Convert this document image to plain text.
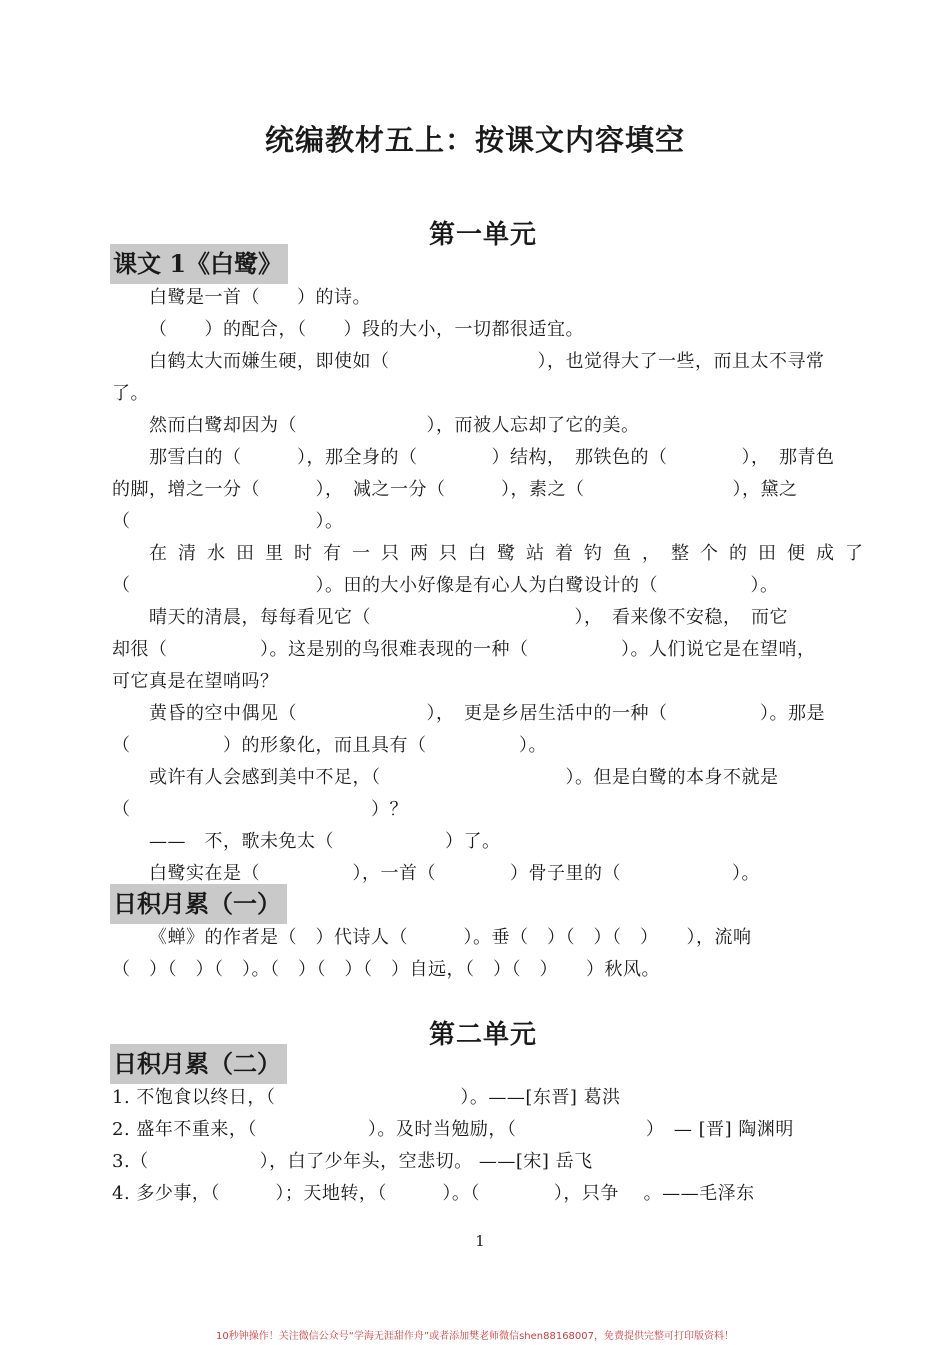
统编教材五上：按课文内容填空
第一单元
课文 1《白鹭》
白鹭是一首（　　）的诗。
（　　）的配合，（　　）段的大小，一切都很适宜。
白鹤太大而嫌生硬，即使如（　　　　　　　　），也觉得大了一些，而且太不寻常
了。
然而白鹭却因为（　　　　　　　），而被人忘却了它的美。
那雪白的（　　　），那全身的（　　　　）结构，　那铁色的（　　　　），　那青色
的脚，增之一分（　　　），　减之一分（　　　），素之（　　　　　　　　），黛之
（　　　　　　　　　　）。
在清水田里时有一只两只白鹭站着钓鱼，整个的田便成了
（　　　　　　　　　　）。田的大小好像是有心人为白鹭设计的（　　　　　）。
晴天的清晨，每每看见它（　　　　　　　　　　　），　看来像不安稳，　而它
却很（　　　　　）。这是别的鸟很难表现的一种（　　　　　）。人们说它是在望哨，
可它真是在望哨吗？
黄昏的空中偶见（　　　　　　　），　更是乡居生活中的一种（　　　　　）。那是
（　　　　　）的形象化，而且具有（　　　　　）。
或许有人会感到美中不足，（　　　　　　　　　　）。但是白鹭的本身不就是
（　　　　　　　　　　　　　）？
——　不，歌未免太（　　　　　　）了。
白鹭实在是（　　　　　），一首（　　　　）骨子里的（　　　　　　）。
日积月累（一）
《蝉》的作者是（　）代诗人（　　　）。垂（　）（　）（　）　　），流响
（　）（　）（　）。（　）（　）（　）自远，（　）（　）　　）秋风。
第二单元
日积月累（二）
1. 不饱食以终日，（　　　　　　　　　　）。——[东晋] 葛洪
2. 盛年不重来，（　　　　　　）。及时当勉励，（　　　　　　　）　— [晋] 陶渊明
3.（　　　　　　），白了少年头，空悲切。 ——[宋] 岳飞
4. 多少事，（　　　）；天地转，（　　　）。（　　　　），只争　 。——毛泽东
1
10秒钟操作！关注微信公众号“学海无涯甜作舟”或者添加樊老师微信shen88168007，免费提供完整可打印版资料！
